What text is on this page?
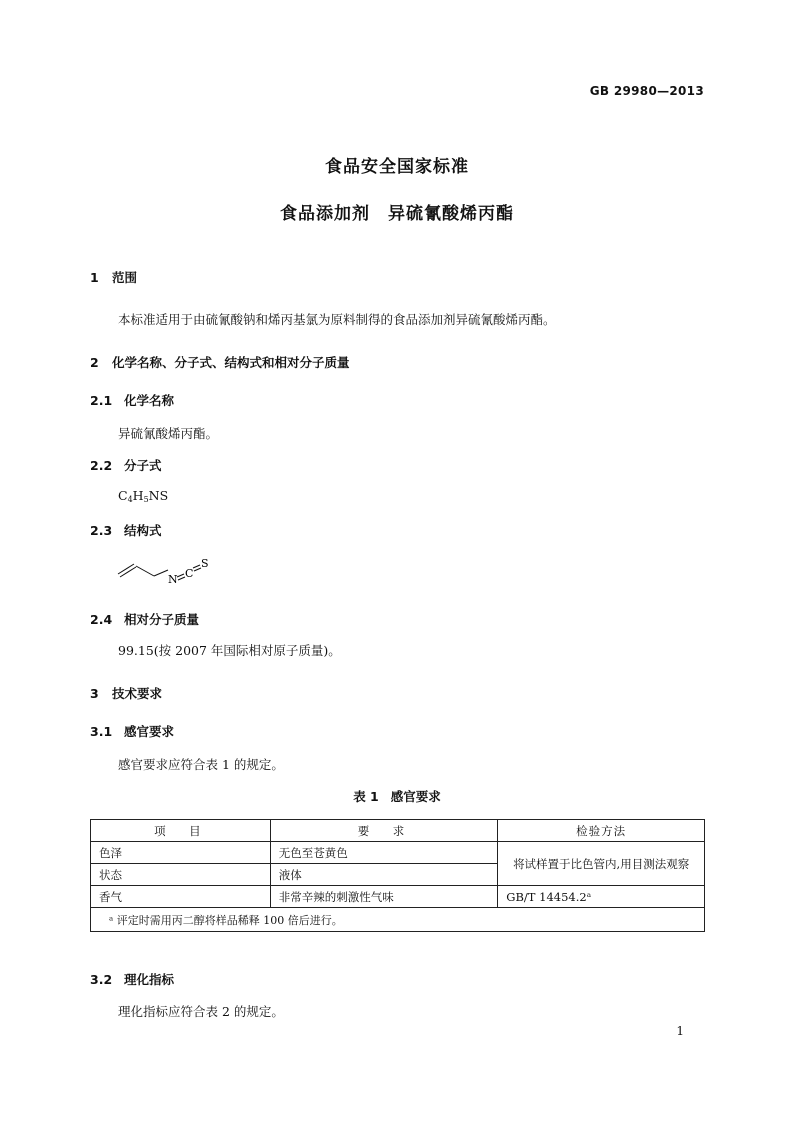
GB 29980—2013
食品安全国家标准
食品添加剂　异硫氰酸烯丙酯
1 范围
本标准适用于由硫氰酸钠和烯丙基氯为原料制得的食品添加剂异硫氰酸烯丙酯。
2 化学名称、分子式、结构式和相对分子质量
2.1 化学名称
异硫氰酸烯丙酯。
2.2 分子式
$C_4H_5NS$
2.3 结构式
N C
S
2.4 相对分子质量
99.15(按 2007 年国际相对原子质量)。
3 技术要求
3.1 感官要求
感官要求应符合表 1 的规定。
表 1 感官要求
项　目	要　求	检验方法
色泽	无色至苍黄色	将试样置于比色管内,用目测法观察
状态	液体	
香气	非常辛辣的刺激性气味	GB/T 14454.2ᵃ
ᵃ 评定时需用丙二醇将样品稀释 100 倍后进行。		
3.2 理化指标
理化指标应符合表 2 的规定。
1
